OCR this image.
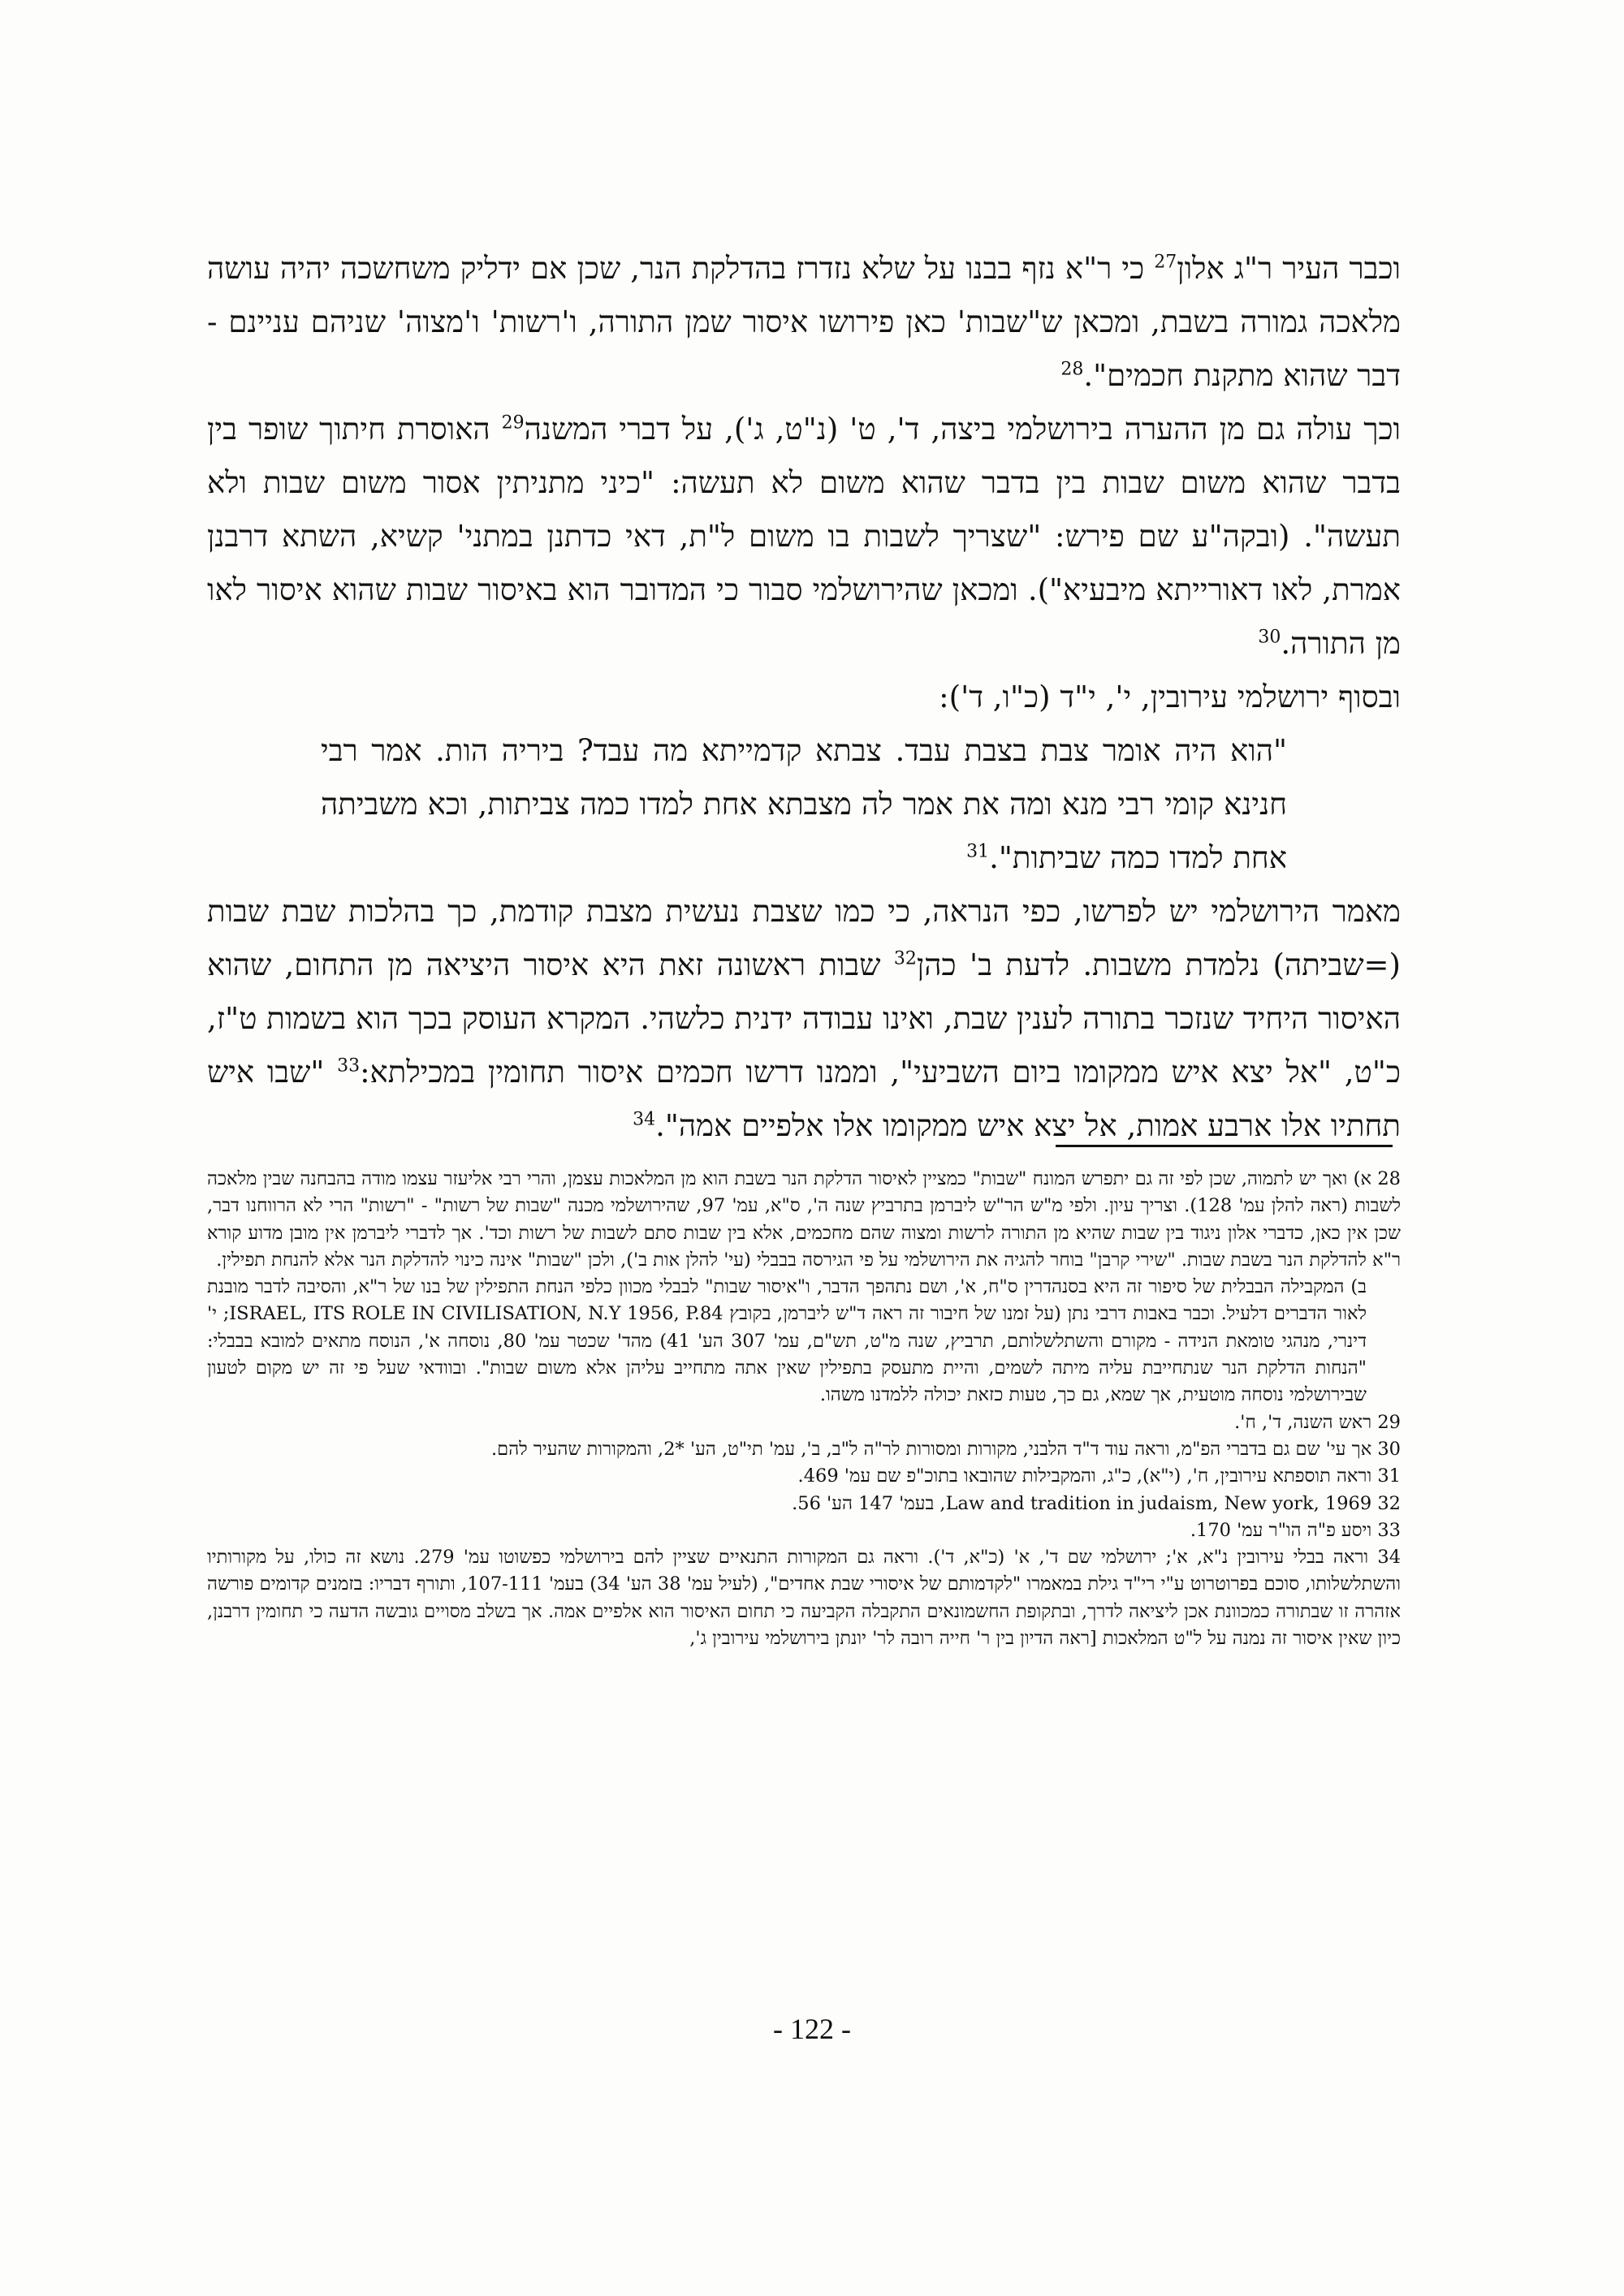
וכבר העיר ר"ג אלון$^{27}$ כי ר"א נזף בבנו על שלא נזדרז בהדלקת הנר, שכן אם ידליק משחשכה יהיה עושה מלאכה גמורה בשבת, ומכאן ש"שבות' כאן פירושו איסור שמן התורה, ו'רשות' ו'מצוה' שניהם עניינם - דבר שהוא מתקנת חכמים".$^{28}$

וכך עולה גם מן ההערה בירושלמי ביצה, ד', ט' (נ"ט, ג'), על דברי המשנה$^{29}$ האוסרת חיתוך שופר בין בדבר שהוא משום שבות בין בדבר שהוא משום לא תעשה: "כיני מתניתין אסור משום שבות ולא תעשה". (ובקה"ע שם פירש: "שצריך לשבות בו משום ל"ת, דאי כדתנן במתני' קשיא, השתא דרבנן אמרת, לאו דאורייתא מיבעיא"). ומכאן שהירושלמי סבור כי המדובר הוא באיסור שבות שהוא איסור לאו מן התורה.$^{30}$

ובסוף ירושלמי עירובין, י', י"ד (כ"ו, ד'):

"הוא היה אומר צבת בצבת עבד. צבתא קדמייתא מה עבד? ביריה הות. אמר רבי חנינא קומי רבי מנא ומה את אמר לה מצבתא אחת למדו כמה צביתות, וכא משביתה אחת למדו כמה שביתות".$^{31}$

מאמר הירושלמי יש לפרשו, כפי הנראה, כי כמו שצבת נעשית מצבת קודמת, כך בהלכות שבת שבות (=שביתה) נלמדת משבות. לדעת ב' כהן$^{32}$ שבות ראשונה זאת היא איסור היציאה מן התחום, שהוא האיסור היחיד שנזכר בתורה לענין שבת, ואינו עבודה ידנית כלשהי. המקרא העוסק בכך הוא בשמות ט"ז, כ"ט, "אל יצא איש ממקומו ביום השביעי", וממנו דרשו חכמים איסור תחומין במכילתא:$^{33}$ "שבו איש תחתיו אלו ארבע אמות, אל יצא איש ממקומו אלו אלפיים אמה".$^{34}$

28 א) ואך יש לתמוה, שכן לפי זה גם יתפרש המונח "שבות" כמציין לאיסור הדלקת הנר בשבת הוא מן המלאכות עצמן, והרי רבי אליעזר עצמו מודה בהבחנה שבין מלאכה לשבות (ראה להלן עמ' 128). וצריך עיון. ולפי מ"ש הר"ש ליברמן בתרביץ שנה ה', ס"א, עמ' 97, שהירושלמי מכנה "שבות של רשות" - "רשות" הרי לא הרווחנו דבר, שכן אין כאן, כדברי אלון ניגוד בין שבות שהיא מן התורה לרשות ומצוה שהם מחכמים, אלא בין שבות סתם לשבות של רשות וכד'. אך לדברי ליברמן אין מובן מדוע קורא ר"א להדלקת הנר בשבת שבות. "שירי קרבן" בוחר להגיה את הירושלמי על פי הגירסה בבבלי (עי' להלן אות ב'), ולכן "שבות" אינה כינוי להדלקת הנר אלא להנחת תפילין.

ב) המקבילה הבבלית של סיפור זה היא בסנהדרין ס"ח, א', ושם נתהפך הדבר, ו"איסור שבות" לבבלי מכוון כלפי הנחת התפילין של בנו של ר"א, והסיבה לדבר מובנת לאור הדברים דלעיל. וכבר באבות דרבי נתן (על זמנו של חיבור זה ראה ד"ש ליברמן, בקובץ ISRAEL, ITS ROLE IN CIVILISATION, N.Y 1956, P.84; י' דינרי, מנהגי טומאת הנידה - מקורם והשתלשלותם, תרביץ, שנה מ"ט, תש"ם, עמ' 307 הע' 41) מהד' שכטר עמ' 80, נוסחה א', הנוסח מתאים למובא בבבלי: "הנחות הדלקת הנר שנתחייבת עליה מיתה לשמים, והיית מתעסק בתפילין שאין אתה מתחייב עליהן אלא משום שבות". ובוודאי שעל פי זה יש מקום לטעון שבירושלמי נוסחה מוטעית, אך שמא, גם כך, טעות כזאת יכולה ללמדנו משהו.

29 ראש השנה, ד', ח'.

30 אך עי' שם גם בדברי הפ"מ, וראה עוד ד"ד הלבני, מקורות ומסורות לר"ה ל"ב, ב', עמ' תי"ט, הע' *2, והמקורות שהעיר להם.

31 וראה תוספתא עירובין, ח', (י"א), כ"ג, והמקבילות שהובאו בתוכ"פ שם עמ' 469.

32 Law and tradition in judaism, New york, 1969, בעמ' 147 הע' 56.

33 ויסע פ"ה הו"ר עמ' 170.

34 וראה בבלי עירובין נ"א, א'; ירושלמי שם ד', א' (כ"א, ד'). וראה גם המקורות התנאיים שציין להם בירושלמי כפשוטו עמ' 279. נושא זה כולו, על מקורותיו והשתלשלותו, סוכם בפרוטרוט ע"י רי"ד גילת במאמרו "לקדמותם של איסורי שבת אחדים", (לעיל עמ' 38 הע' 34) בעמ' 107-111, ותורף דבריו: בזמנים קדומים פורשה אזהרה זו שבתורה כמכוונת אכן ליציאה לדרך, ובתקופת החשמונאים התקבלה הקביעה כי תחום האיסור הוא אלפיים אמה. אך בשלב מסויים גובשה הדעה כי תחומין דרבנן, כיון שאין איסור זה נמנה על ל"ט המלאכות [ראה הדיון בין ר' חייה רובה לר' יונתן בירושלמי עירובין ג',

- 122 -
